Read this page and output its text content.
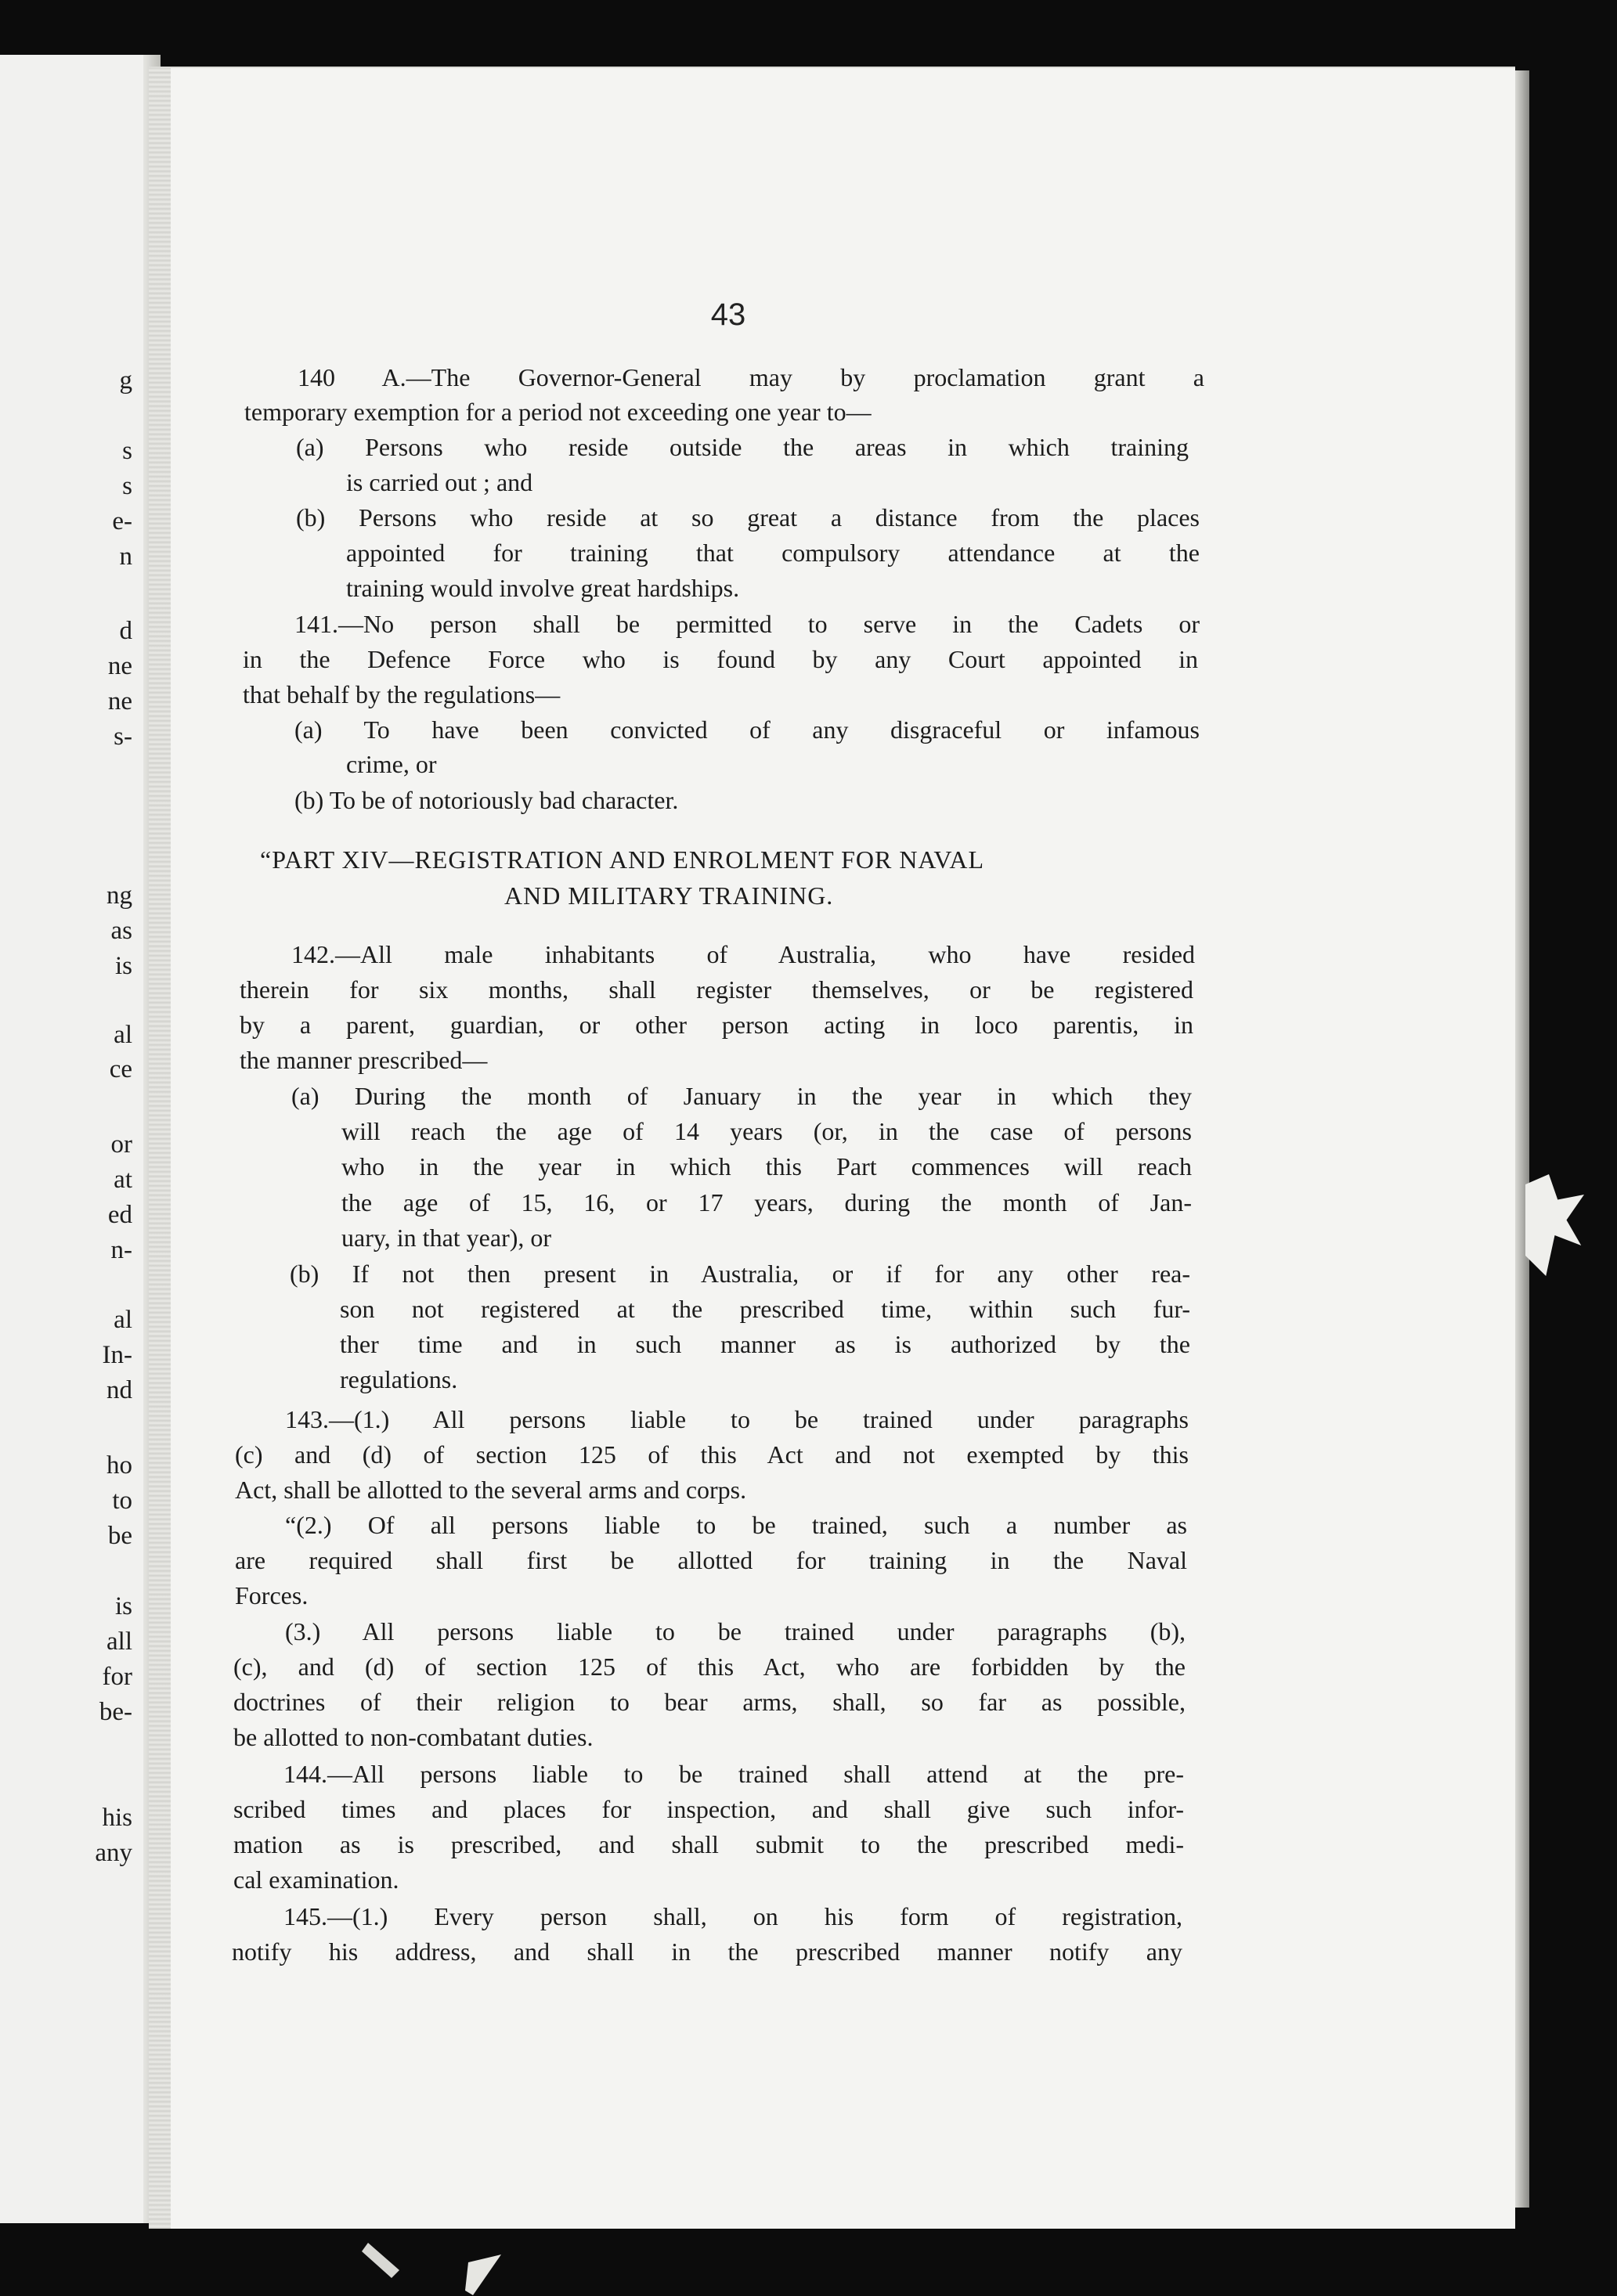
g
s
s
e-
n
d
ne
ne
s-
ng
as
is
al
ce
or
at
ed
n-
al
In-
nd
ho
to
be
is
all
for
be-
his
any
43
140 A.—The Governor-General may by proclamation grant a
temporary exemption for a period not exceeding one year to—
(a) Persons who reside outside the areas in which training
is carried out ; and
(b) Persons who reside at so great a distance from the places
appointed for training that compulsory attendance at the
training would involve great hardships.
141.—No person shall be permitted to serve in the Cadets or
in the Defence Force who is found by any Court appointed in
that behalf by the regulations—
(a) To have been convicted of any disgraceful or infamous
crime, or
(b) To be of notoriously bad character.
“PART XIV—REGISTRATION AND ENROLMENT FOR NAVAL
AND MILITARY TRAINING.
142.—All male inhabitants of Australia, who have resided
therein for six months, shall register themselves, or be registered
by a parent, guardian, or other person acting in loco parentis, in
the manner prescribed—
(a) During the month of January in the year in which they
will reach the age of 14 years (or, in the case of persons
who in the year in which this Part commences will reach
the age of 15, 16, or 17 years, during the month of Jan-
uary, in that year), or
(b) If not then present in Australia, or if for any other rea-
son not registered at the prescribed time, within such fur-
ther time and in such manner as is authorized by the
regulations.
143.—(1.) All persons liable to be trained under paragraphs
(c) and (d) of section 125 of this Act and not exempted by this
Act, shall be allotted to the several arms and corps.
“(2.) Of all persons liable to be trained, such a number as
are required shall first be allotted for training in the Naval
Forces.
(3.) All persons liable to be trained under paragraphs (b),
(c), and (d) of section 125 of this Act, who are forbidden by the
doctrines of their religion to bear arms, shall, so far as possible,
be allotted to non-combatant duties.
144.—All persons liable to be trained shall attend at the pre-
scribed times and places for inspection, and shall give such infor-
mation as is prescribed, and shall submit to the prescribed medi-
cal examination.
145.—(1.) Every person shall, on his form of registration,
notify his address, and shall in the prescribed manner notify any
